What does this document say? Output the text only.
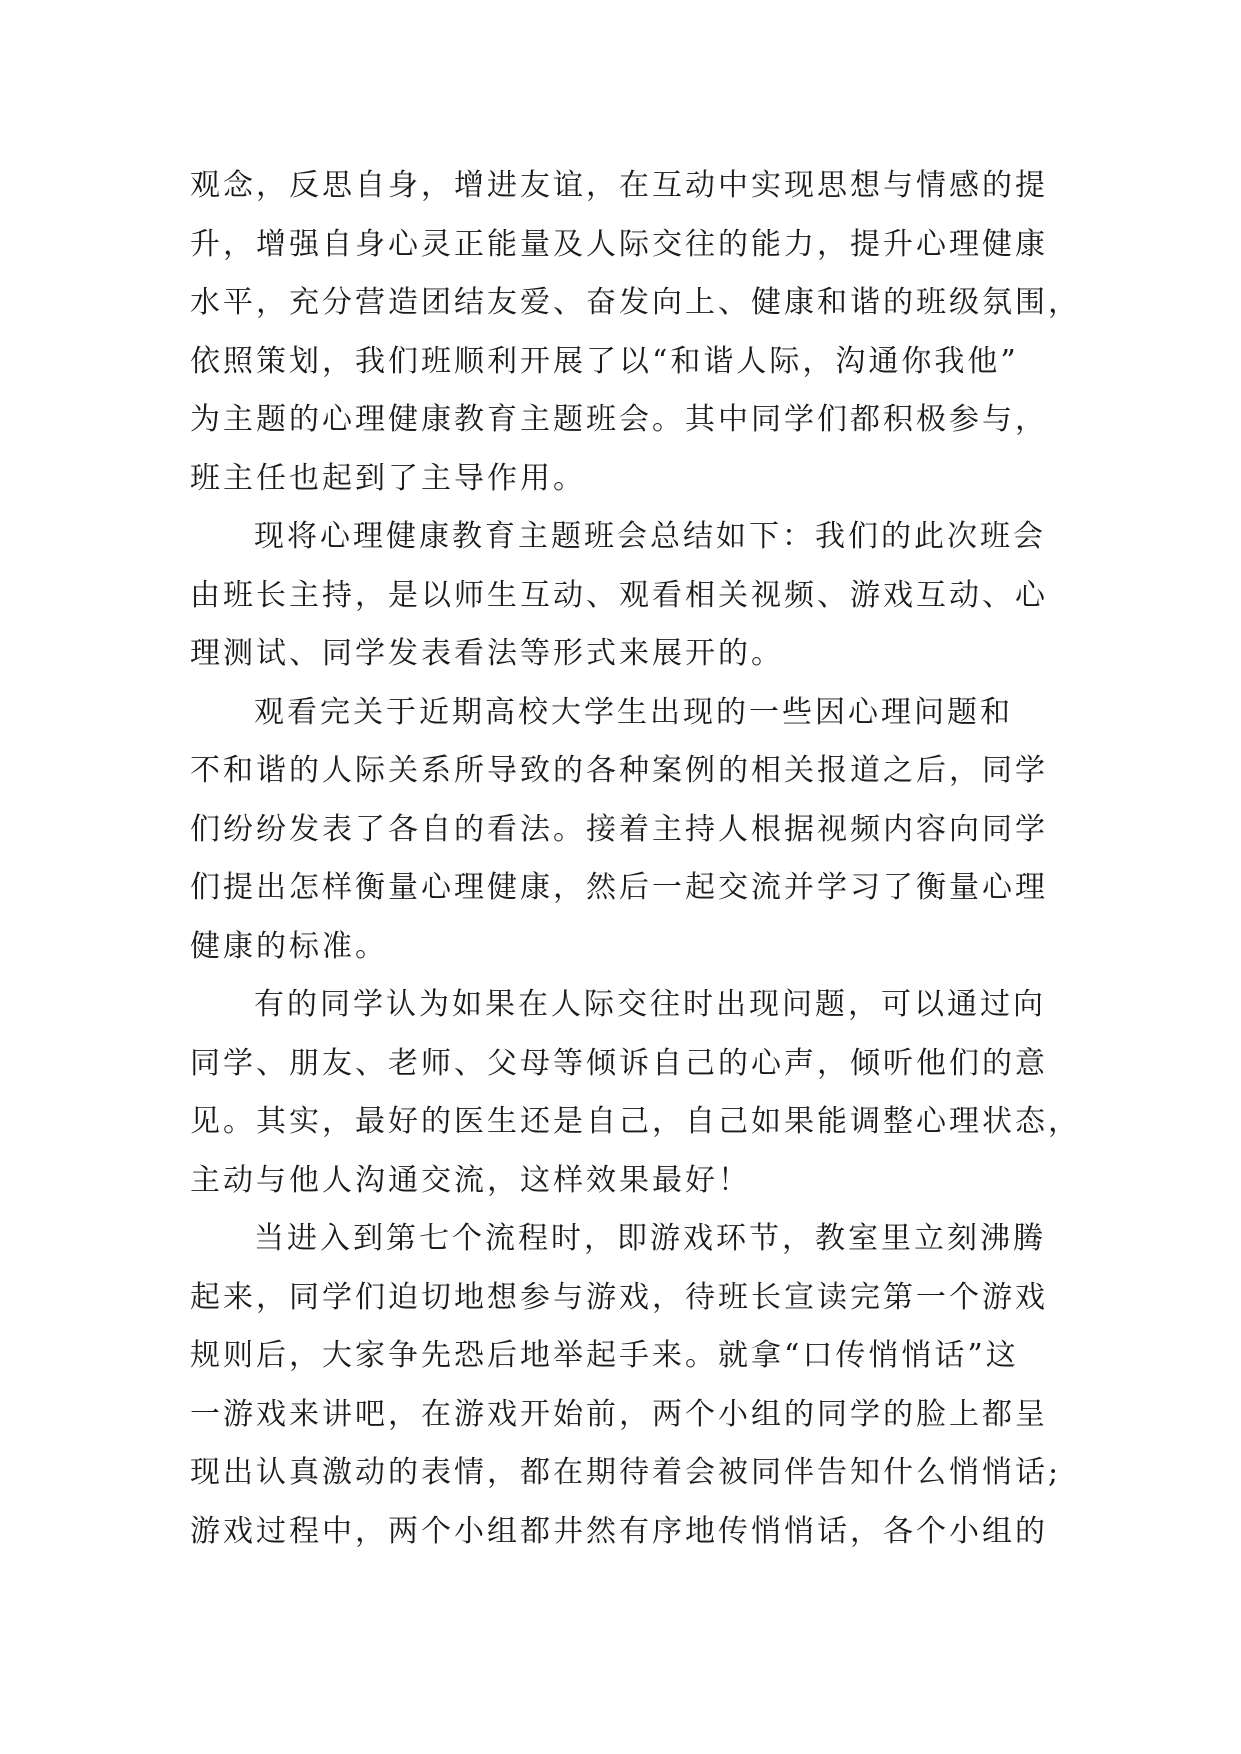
观念，反思自身，增进友谊，在互动中实现思想与情感的提
升，增强自身心灵正能量及人际交往的能力，提升心理健康
水平，充分营造团结友爱、奋发向上、健康和谐的班级氛围，
依照策划，我们班顺利开展了以“和谐人际，沟通你我他”
为主题的心理健康教育主题班会。其中同学们都积极参与，
班主任也起到了主导作用。
现将心理健康教育主题班会总结如下：我们的此次班会
由班长主持，是以师生互动、观看相关视频、游戏互动、心
理测试、同学发表看法等形式来展开的。
观看完关于近期高校大学生出现的一些因心理问题和
不和谐的人际关系所导致的各种案例的相关报道之后，同学
们纷纷发表了各自的看法。接着主持人根据视频内容向同学
们提出怎样衡量心理健康，然后一起交流并学习了衡量心理
健康的标准。
有的同学认为如果在人际交往时出现问题，可以通过向
同学、朋友、老师、父母等倾诉自己的心声，倾听他们的意
见。其实，最好的医生还是自己，自己如果能调整心理状态，
主动与他人沟通交流，这样效果最好！
当进入到第七个流程时，即游戏环节，教室里立刻沸腾
起来，同学们迫切地想参与游戏，待班长宣读完第一个游戏
规则后，大家争先恐后地举起手来。就拿“口传悄悄话”这
一游戏来讲吧，在游戏开始前，两个小组的同学的脸上都呈
现出认真激动的表情，都在期待着会被同伴告知什么悄悄话;
游戏过程中，两个小组都井然有序地传悄悄话，各个小组的
